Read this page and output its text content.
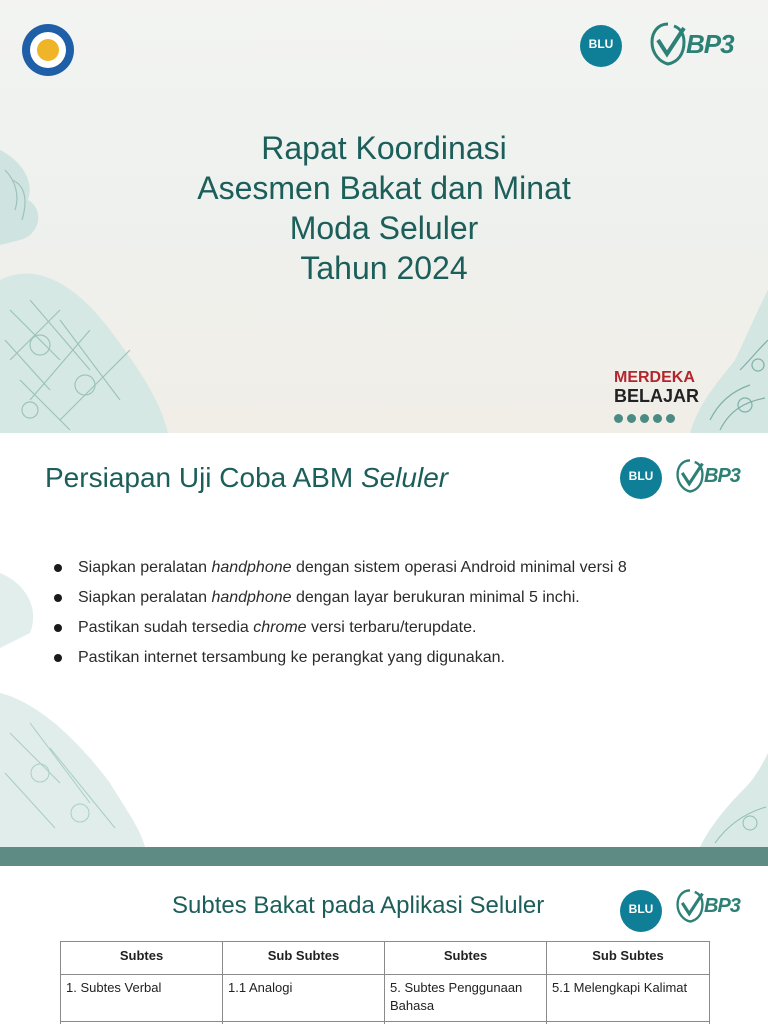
BLU	BP3
Rapat Koordinasi
Asesmen Bakat dan Minat
Moda Seluler
Tahun 2024
MERDEKA
BELAJAR
Persiapan Uji Coba ABM Seluler	BLU	BP3
Siapkan peralatan handphone dengan sistem operasi Android minimal versi 8
Siapkan peralatan handphone dengan layar berukuran minimal 5 inchi.
Pastikan sudah tersedia chrome versi terbaru/terupdate.
Pastikan internet tersambung ke perangkat yang digunakan.
Subtes Bakat pada Aplikasi Seluler	BLU	BP3
Subtes	Sub Subtes	Subtes	Sub Subtes
1. Subtes Verbal	1.1 Analogi	5. Subtes Penggunaan Bahasa	5.1 Melengkapi Kalimat
